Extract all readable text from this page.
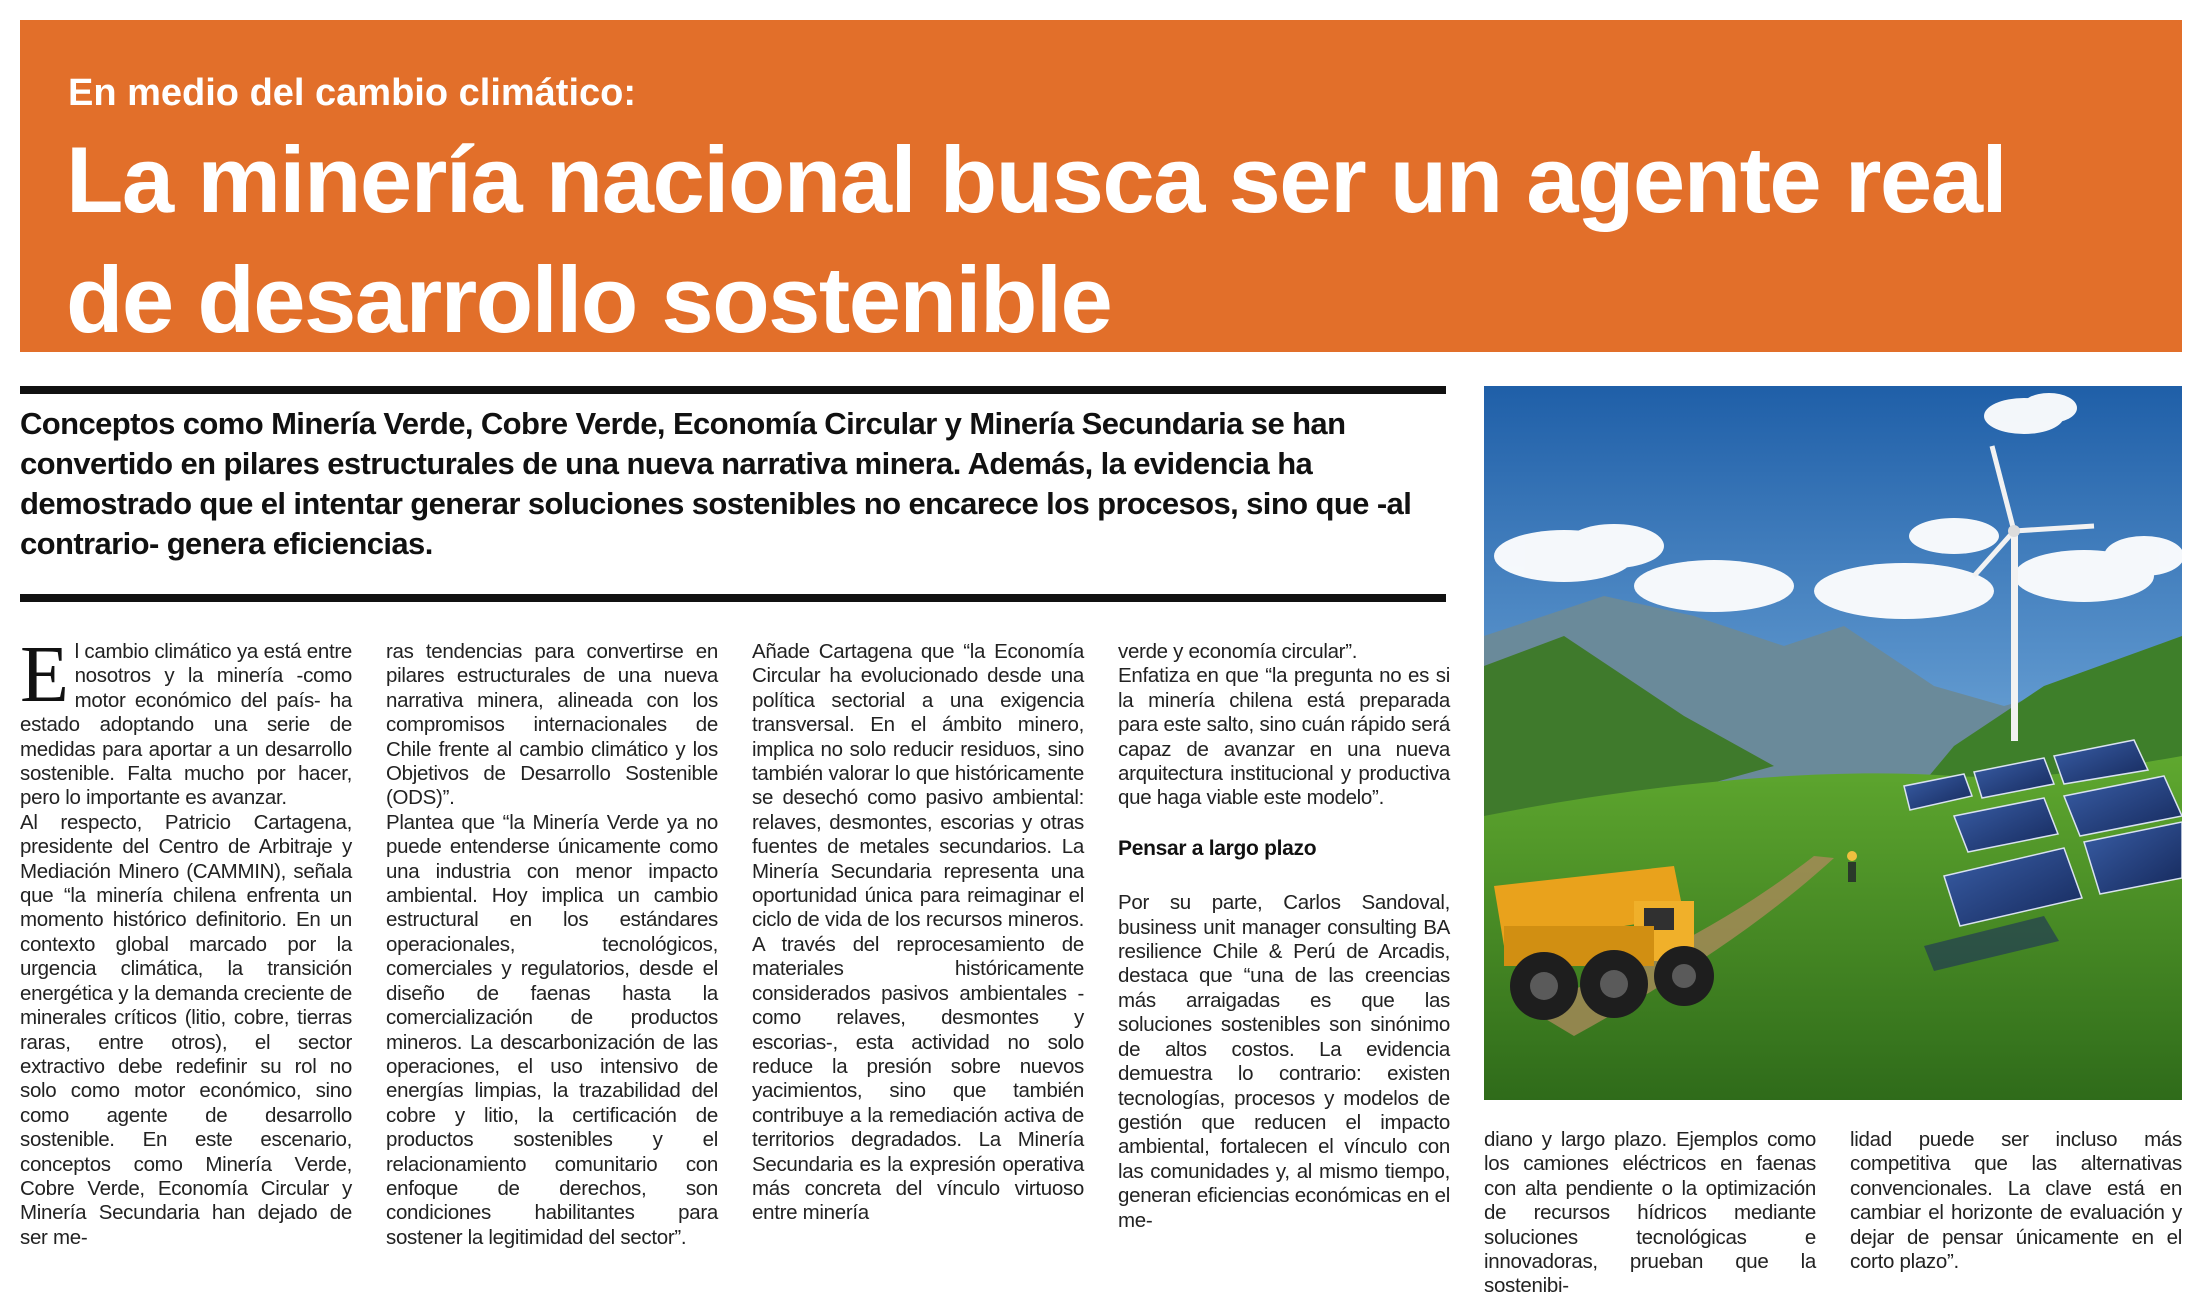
En medio del cambio climático:
La minería nacional busca ser un agente real de desarrollo sostenible
Conceptos como Minería Verde, Cobre Verde, Economía Circular y Minería Secundaria se han convertido en pilares estructurales de una nueva narrativa minera. Además, la evidencia ha demostrado que el intentar generar soluciones sostenibles no encarece los procesos, sino que -al contrario- genera eficiencias.

El cambio climático ya está entre nosotros y la minería -como motor económico del país- ha estado adoptando una serie de medidas para aportar a un desarrollo sostenible. Falta mucho por hacer, pero lo importante es avanzar.

Al respecto, Patricio Cartagena, presidente del Centro de Arbitraje y Mediación Minero (CAMMIN), señala que “la minería chilena enfrenta un momento histórico definitorio. En un contexto global marcado por la urgencia climática, la transición energética y la demanda creciente de minerales críticos (litio, cobre, tierras raras, entre otros), el sector extractivo debe redefinir su rol no solo como motor económico, sino como agente de desarrollo sostenible. En este escenario, conceptos como Minería Verde, Cobre Verde, Economía Circular y Minería Secundaria han dejado de ser me-

ras tendencias para convertirse en pilares estructurales de una nueva narrativa minera, alineada con los compromisos internacionales de Chile frente al cambio climático y los Objetivos de Desarrollo Sostenible (ODS)”.

Plantea que “la Minería Verde ya no puede entenderse únicamente como una industria con menor impacto ambiental. Hoy implica un cambio estructural en los estándares operacionales, tecnológicos, comerciales y regulatorios, desde el diseño de faenas hasta la comercialización de productos mineros. La descarbonización de las operaciones, el uso intensivo de energías limpias, la trazabilidad del cobre y litio, la certificación de productos sostenibles y el relacionamiento comunitario con enfoque de derechos, son condiciones habilitantes para sostener la legitimidad del sector”.

Añade Cartagena que “la Economía Circular ha evolucionado desde una política sectorial a una exigencia transversal. En el ámbito minero, implica no solo reducir residuos, sino también valorar lo que históricamente se desechó como pasivo ambiental: relaves, desmontes, escorias y otras fuentes de metales secundarios. La Minería Secundaria representa una oportunidad única para reimaginar el ciclo de vida de los recursos mineros. A través del reprocesamiento de materiales históricamente considerados pasivos ambientales -como relaves, desmontes y escorias-, esta actividad no solo reduce la presión sobre nuevos yacimientos, sino que también contribuye a la remediación activa de territorios degradados. La Minería Secundaria es la expresión operativa más concreta del vínculo virtuoso entre minería

verde y economía circular”.

Enfatiza en que “la pregunta no es si la minería chilena está preparada para este salto, sino cuán rápido será capaz de avanzar en una nueva arquitectura institucional y productiva que haga viable este modelo”.

Pensar a largo plazo

Por su parte, Carlos Sandoval, business unit manager consulting BA resilience Chile & Perú de Arcadis, destaca que “una de las creencias más arraigadas es que las soluciones sostenibles son sinónimo de altos costos. La evidencia demuestra lo contrario: existen tecnologías, procesos y modelos de gestión que reducen el impacto ambiental, fortalecen el vínculo con las comunidades y, al mismo tiempo, generan eficiencias económicas en el me-

diano y largo plazo. Ejemplos como los camiones eléctricos en faenas con alta pendiente o la optimización de recursos hídricos mediante soluciones tecnológicas e innovadoras, prueban que la sostenibi-

lidad puede ser incluso más competitiva que las alternativas convencionales. La clave está en cambiar el horizonte de evaluación y dejar de pensar únicamente en el corto plazo”.
